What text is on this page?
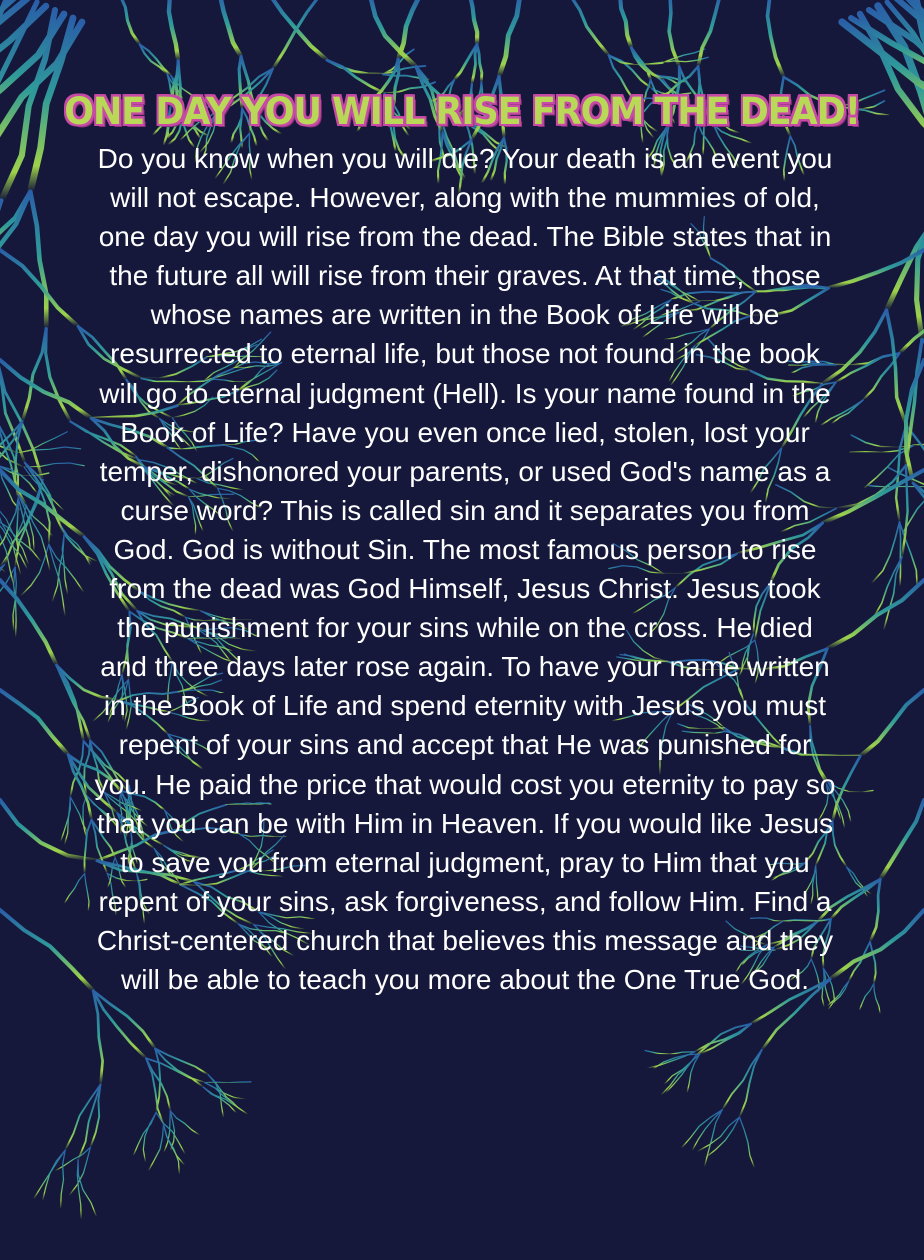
ONE DAY YOU WILL RISE FROM THE DEAD!

Do you know when you will die? Your death is an event you will not escape. However, along with the mummies of old, one day you will rise from the dead. The Bible states that in the future all will rise from their graves. At that time, those whose names are written in the Book of Life will be resurrected to eternal life, but those not found in the book will go to eternal judgment (Hell). Is your name found in the Book of Life? Have you even once lied, stolen, lost your temper, dishonored your parents, or used God's name as a curse word? This is called sin and it separates you from God. God is without Sin. The most famous person to rise from the dead was God Himself, Jesus Christ. Jesus took the punishment for your sins while on the cross. He died and three days later rose again. To have your name written in the Book of Life and spend eternity with Jesus you must repent of your sins and accept that He was punished for you. He paid the price that would cost you eternity to pay so that you can be with Him in Heaven. If you would like Jesus to save you from eternal judgment, pray to Him that you repent of your sins, ask forgiveness, and follow Him. Find a Christ-centered church that believes this message and they will be able to teach you more about the One True God.
